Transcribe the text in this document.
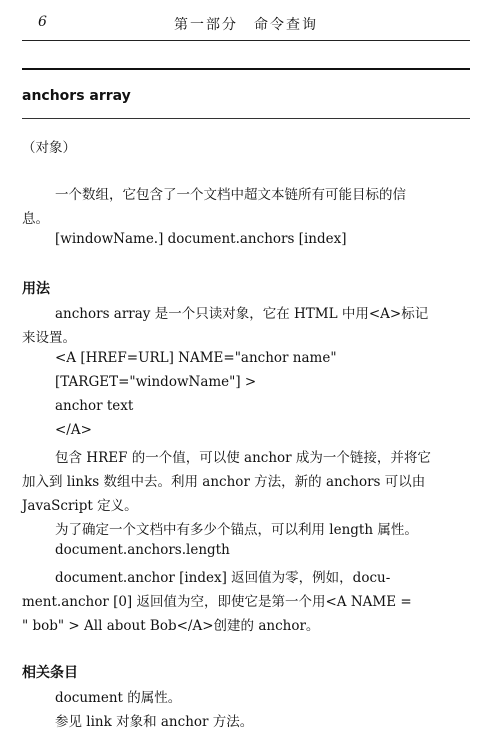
6	第一部分　命令查询
anchors array
（对象）
一个数组，它包含了一个文档中超文本链所有可能目标的信
息。
[windowName.] document.anchors [index]
用法
anchors array 是一个只读对象，它在 HTML 中用<A>标记
来设置。
<A [HREF=URL] NAME="anchor name"
[TARGET="windowName"] >
anchor text
</A>
包含 HREF 的一个值，可以使 anchor 成为一个链接，并将它
加入到 links 数组中去。利用 anchor 方法，新的 anchors 可以由
JavaScript 定义。
为了确定一个文档中有多少个锚点，可以利用 length 属性。
document.anchors.length
document.anchor [index] 返回值为零，例如，docu-
ment.anchor [0] 返回值为空，即使它是第一个用<A NAME =
" bob" > All about Bob</A>创建的 anchor。
相关条目
document 的属性。
参见 link 对象和 anchor 方法。
